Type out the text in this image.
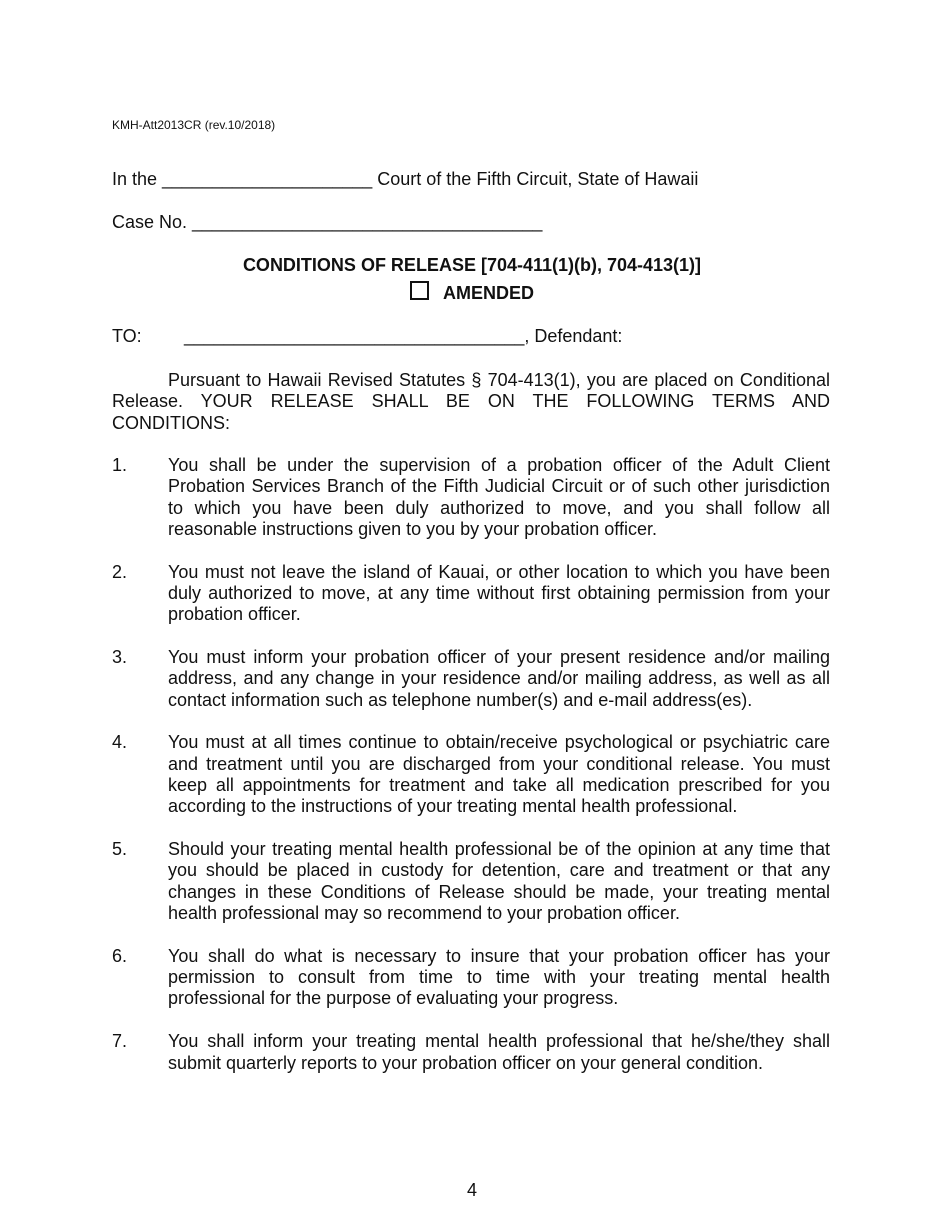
KMH-Att2013CR (rev.10/2018)
In the _____________________ Court of the Fifth Circuit, State of Hawaii
Case No. ___________________________________
CONDITIONS OF RELEASE [704-411(1)(b), 704-413(1)]
AMENDED
TO: __________________________________, Defendant:

Pursuant to Hawaii Revised Statutes § 704-413(1), you are placed on Conditional Release. YOUR RELEASE SHALL BE ON THE FOLLOWING TERMS AND CONDITIONS:

1. You shall be under the supervision of a probation officer of the Adult Client Probation Services Branch of the Fifth Judicial Circuit or of such other jurisdiction to which you have been duly authorized to move, and you shall follow all reasonable instructions given to you by your probation officer.
2. You must not leave the island of Kauai, or other location to which you have been duly authorized to move, at any time without first obtaining permission from your probation officer.
3. You must inform your probation officer of your present residence and/or mailing address, and any change in your residence and/or mailing address, as well as all contact information such as telephone number(s) and e-mail address(es).
4. You must at all times continue to obtain/receive psychological or psychiatric care and treatment until you are discharged from your conditional release. You must keep all appointments for treatment and take all medication prescribed for you according to the instructions of your treating mental health professional.
5. Should your treating mental health professional be of the opinion at any time that you should be placed in custody for detention, care and treatment or that any changes in these Conditions of Release should be made, your treating mental health professional may so recommend to your probation officer.
6. You shall do what is necessary to insure that your probation officer has your permission to consult from time to time with your treating mental health professional for the purpose of evaluating your progress.
7. You shall inform your treating mental health professional that he/she/they shall submit quarterly reports to your probation officer on your general condition.
4
